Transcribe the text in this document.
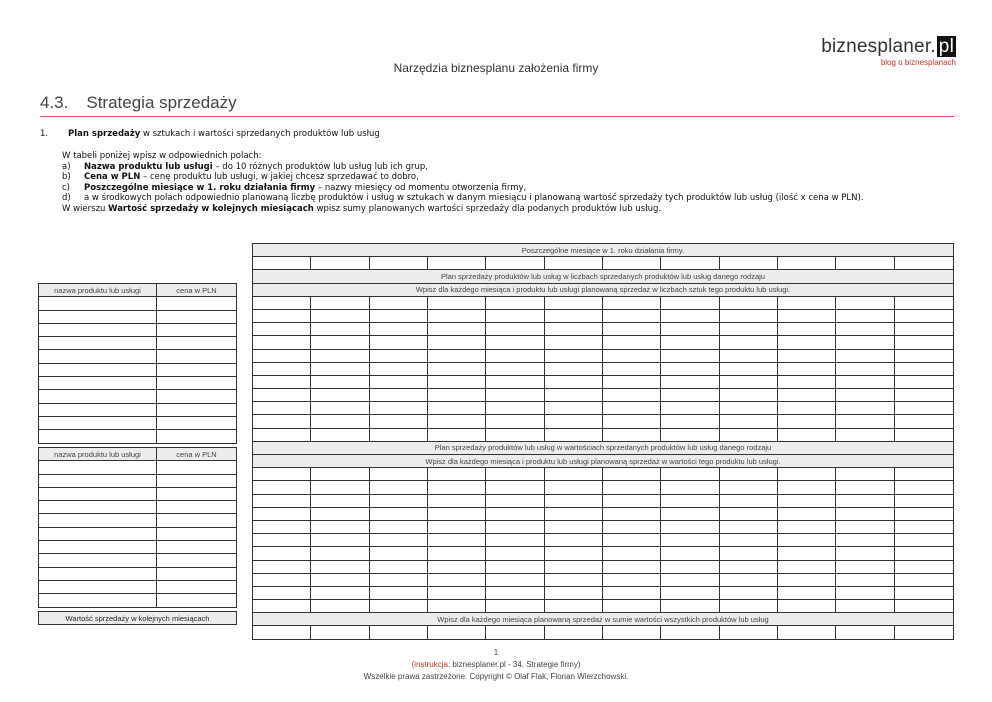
Narzędzia biznesplanu założenia firmy
biznesplaner. pl
blog o biznesplanach
4.3. Strategia sprzedaży
1. Plan sprzedaży w sztukach i wartości sprzedanych produktów lub usług
W tabeli poniżej wpisz w odpowiednich polach:
a)	Nazwa produktu lub usługi – do 10 różnych produktów lub usług lub ich grup,
b)	Cena w PLN – cenę produktu lub usługi, w jakiej chcesz sprzedawać to dobro,
c)	Poszczególne miesiące w 1. roku działania firmy – nazwy miesięcy od momentu otworzenia firmy,
d)	a w środkowych polach odpowiednio planowaną liczbę produktów i usług w sztukach w danym miesiącu i planowaną wartość sprzedaży tych produktów lub usług (ilość x cena w PLN).
W wierszu Wartość sprzedaży w kolejnych miesiącach wpisz sumy planowanych wartości sprzedaży dla podanych produktów lub usług.
nazwa produktu lub usługi	cena w PLN

nazwa produktu lub usługi	cena w PLN

Wartość sprzedaży w kolejnych miesiącach
Poszczególne miesiące w 1. roku działania firmy.											

Plan sprzedaży produktów lub usług w liczbach sprzedanych produktów lub usług danego rodzaju											
Wpisz dla każdego miesiąca i produktu lub usługi planowaną sprzedaż w liczbach sztuk tego produktu lub usługi.											

Plan sprzedaży produktów lub usług w wartościach sprzedanych produktów lub usług danego rodzaju											
Wpisz dla każdego miesiąca i produktu lub usługi planowaną sprzedaż w wartości tego produktu lub usługi.											

Wpisz dla każdego miesiąca planowaną sprzedaż w sumie wartości wszystkich produktów lub usług											

1
(instrukcja: biznesplaner.pl - 34. Strategie firmy)
Wszelkie prawa zastrzeżone. Copyright © Olaf Flak, Florian Wierzchowski.
